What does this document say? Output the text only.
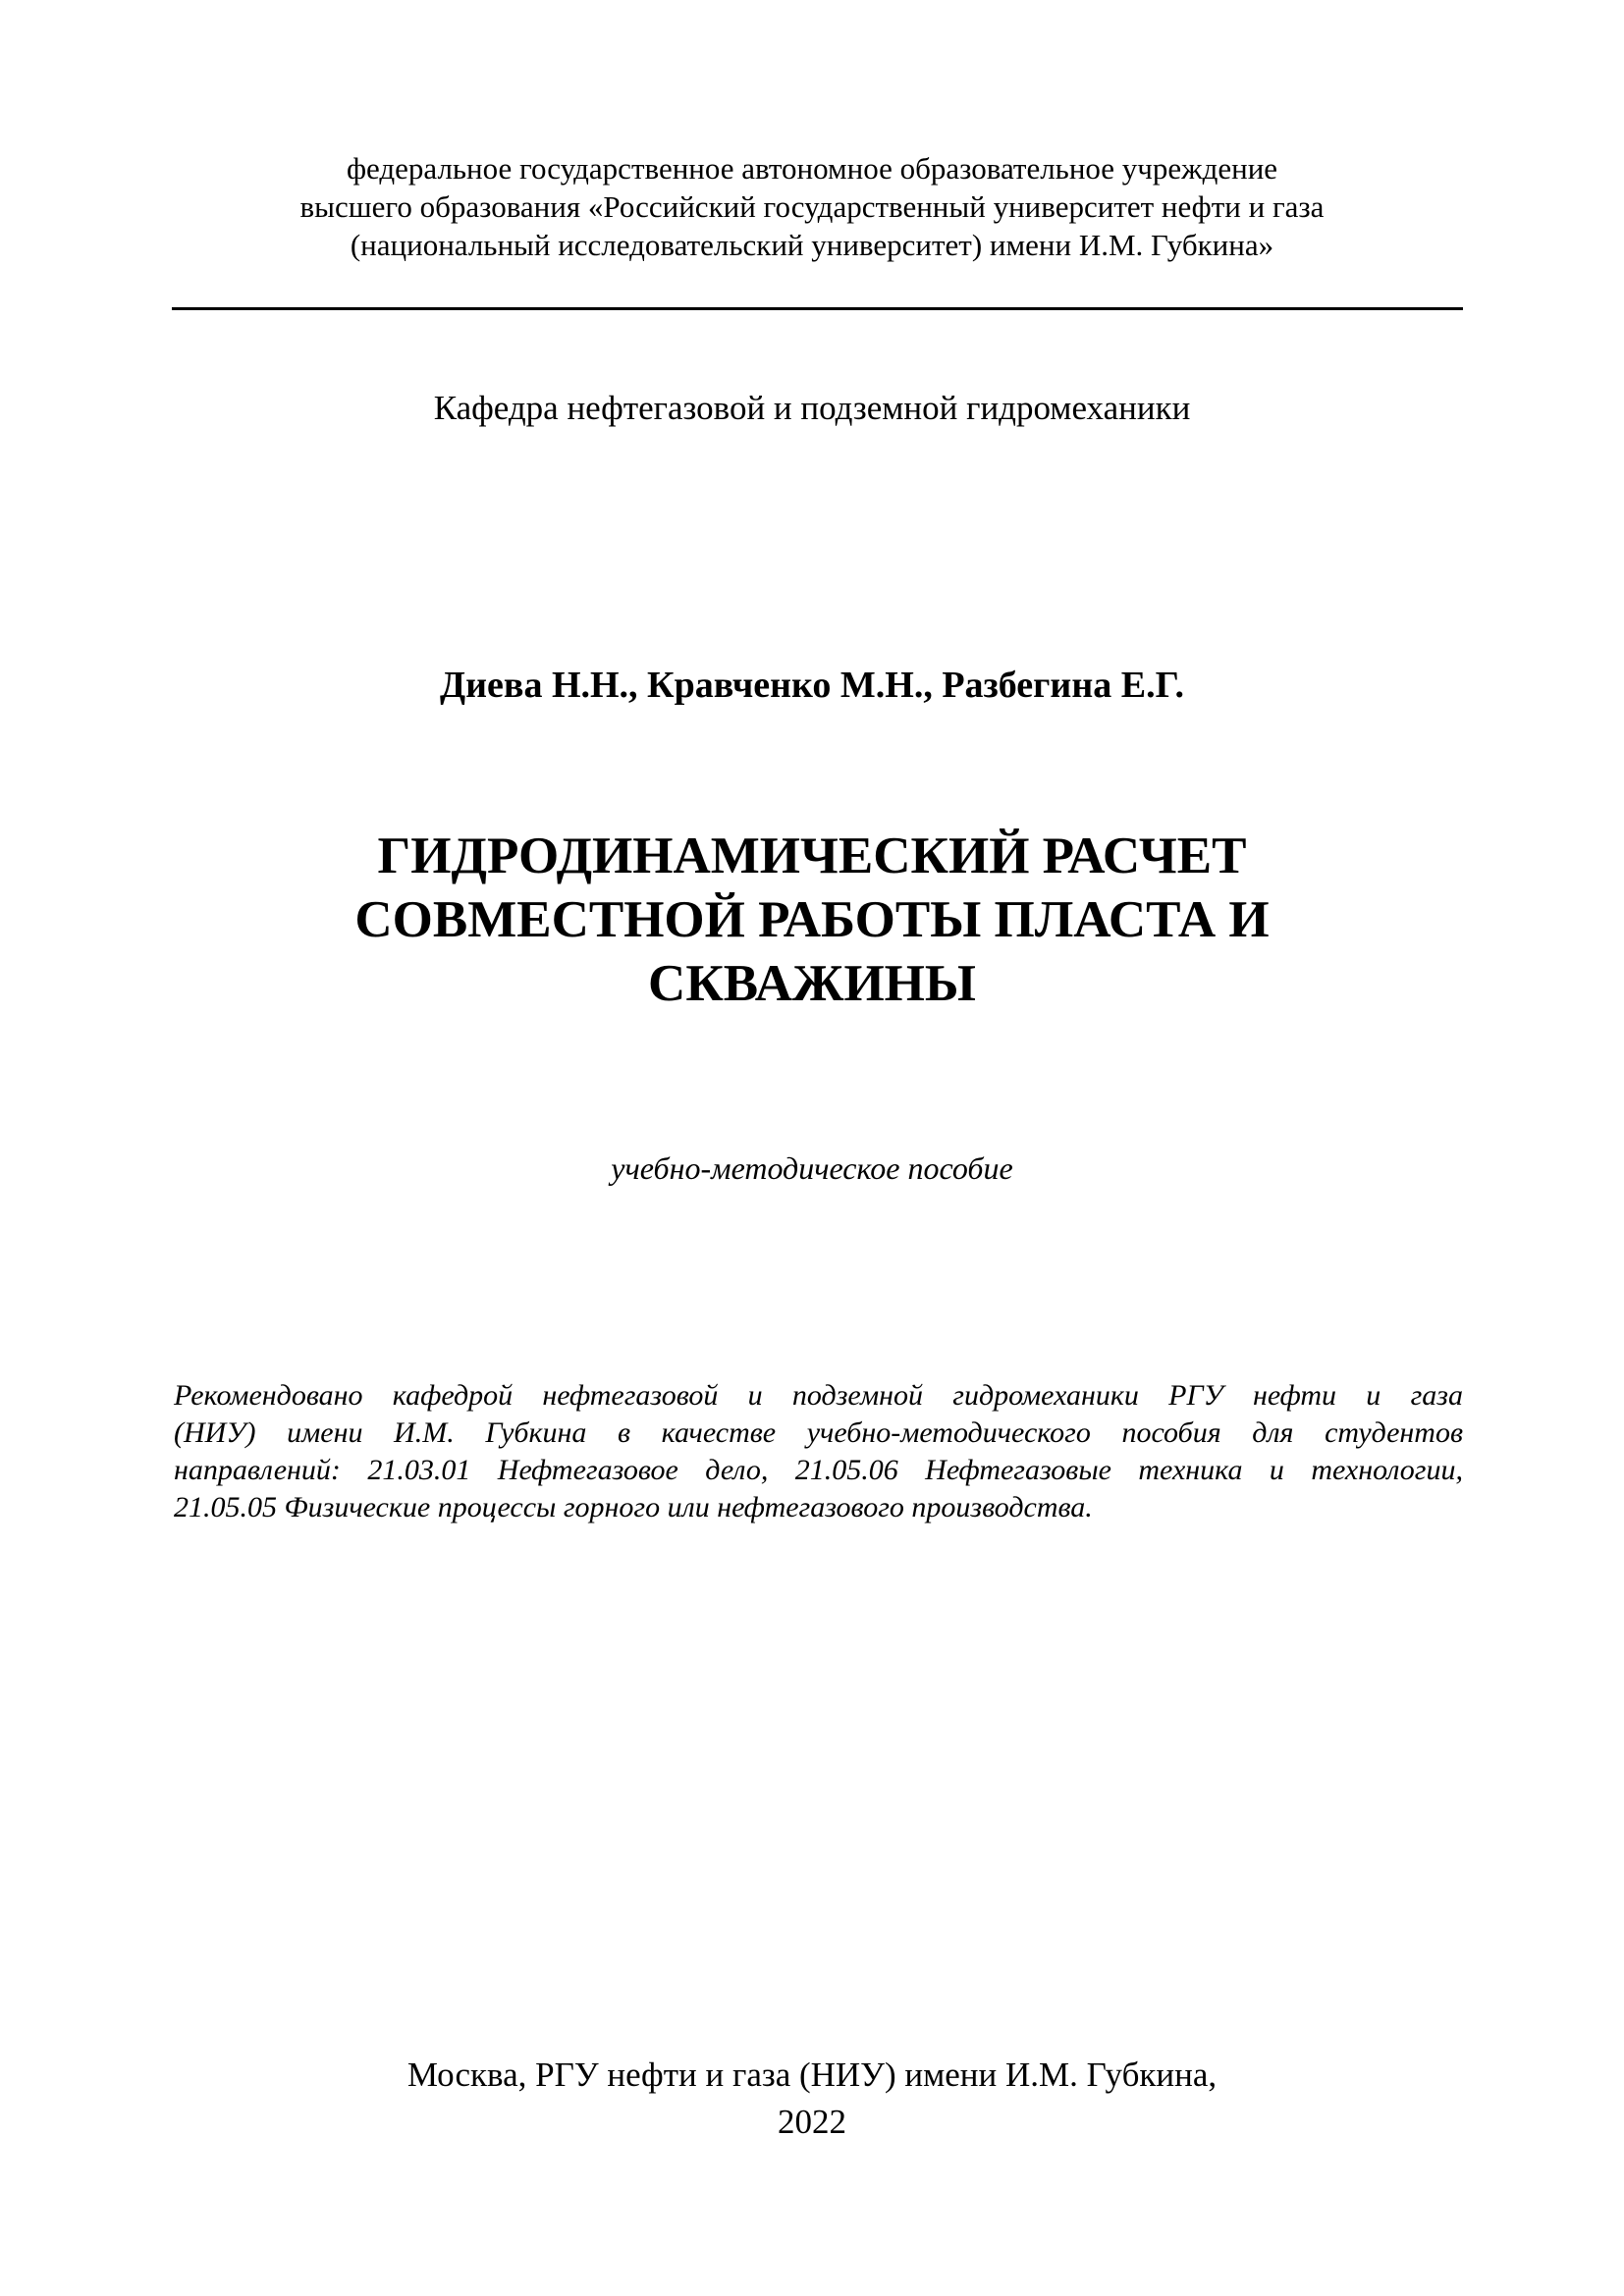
федеральное государственное автономное образовательное учреждение
высшего образования «Российский государственный университет нефти и газа
(национальный исследовательский университет) имени И.М. Губкина»
Кафедра нефтегазовой и подземной гидромеханики
Диева Н.Н., Кравченко М.Н., Разбегина Е.Г.
ГИДРОДИНАМИЧЕСКИЙ РАСЧЕТ
СОВМЕСТНОЙ РАБОТЫ ПЛАСТА И
СКВАЖИНЫ
учебно-методическое пособие
Рекомендовано кафедрой нефтегазовой и подземной гидромеханики РГУ нефти и газа
(НИУ) имени И.М. Губкина в качестве учебно-методического пособия для студентов
направлений: 21.03.01 Нефтегазовое дело, 21.05.06 Нефтегазовые техника и технологии,
21.05.05 Физические процессы горного или нефтегазового производства.
Москва, РГУ нефти и газа (НИУ) имени И.М. Губкина,
2022
